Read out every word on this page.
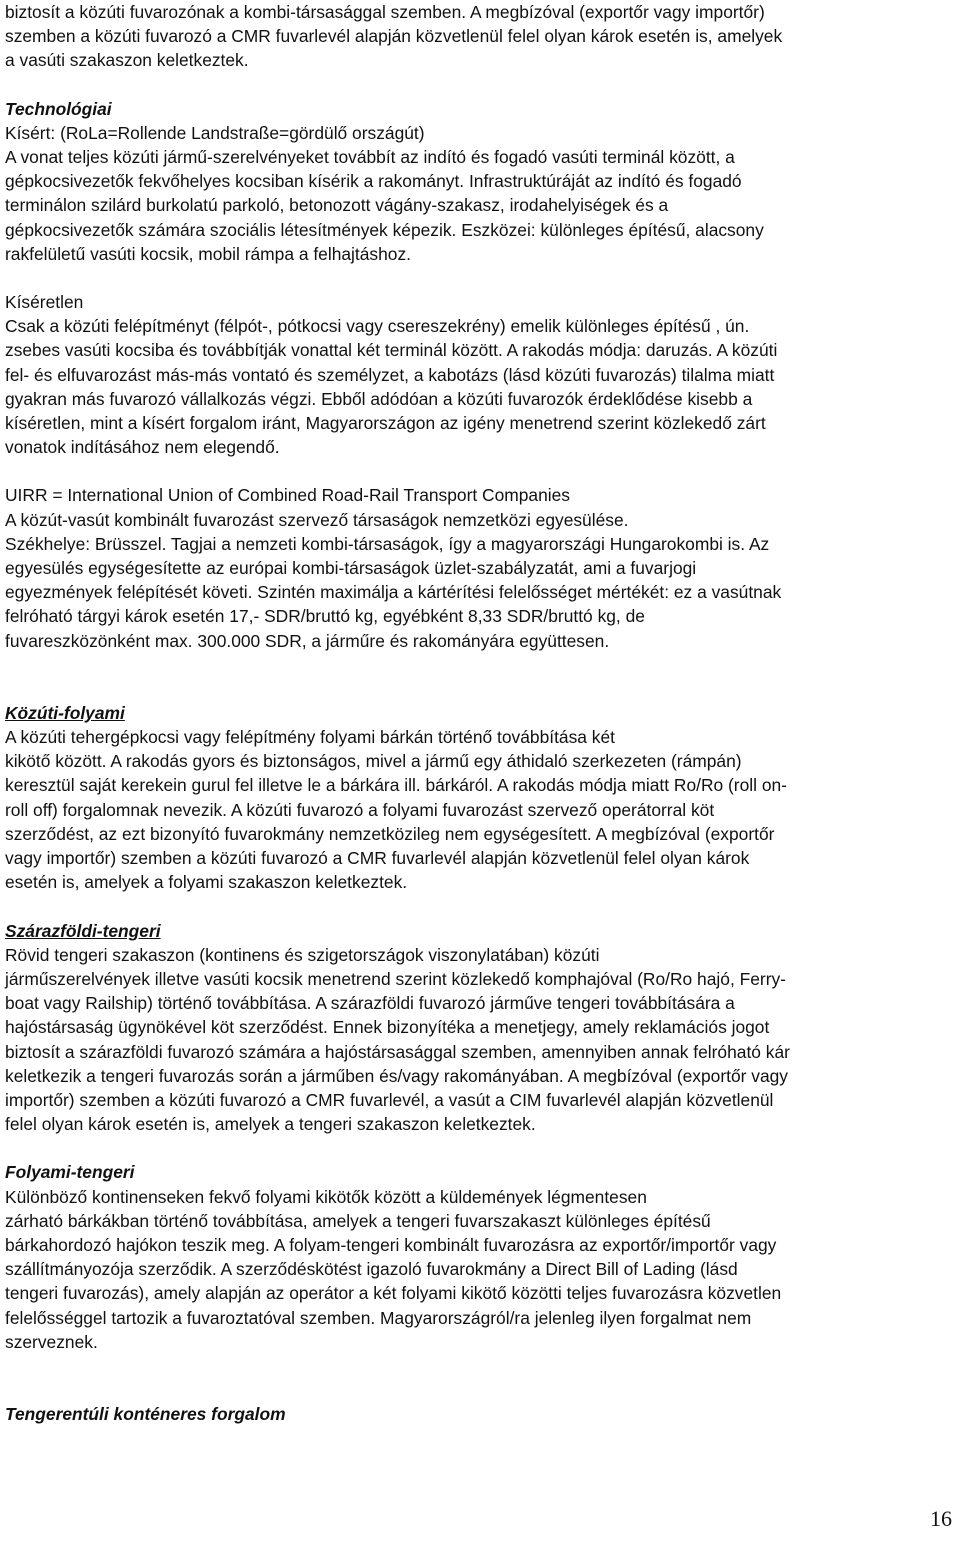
biztosít a közúti fuvarozónak a kombi-társasággal szemben. A megbízóval (exportőr vagy importőr)
szemben a közúti fuvarozó a CMR fuvarlevél alapján közvetlenül felel olyan károk esetén is, amelyek
a vasúti szakaszon keletkeztek.
Technológiai
Kísért: (RoLa=Rollende Landstraße=gördülő országút)
A vonat teljes közúti jármű-szerelvényeket továbbít az indító és fogadó vasúti terminál között, a
gépkocsivezetők fekvőhelyes kocsiban kísérik a rakományt. Infrastruktúráját az indító és fogadó
terminálon szilárd burkolatú parkoló, betonozott vágány-szakasz, irodahelyiségek és a
gépkocsivezetők számára szociális létesítmények képezik. Eszközei: különleges építésű, alacsony
rakfelületű vasúti kocsik, mobil rámpa a felhajtáshoz.
Kíséretlen
Csak a közúti felépítményt (félpót-, pótkocsi vagy csereszekrény) emelik különleges építésű , ún.
zsebes vasúti kocsiba és továbbítják vonattal két terminál között. A rakodás módja: daruzás. A közúti
fel- és elfuvarozást más-más vontató és személyzet, a kabotázs (lásd közúti fuvarozás) tilalma miatt
gyakran más fuvarozó vállalkozás végzi. Ebből adódóan a közúti fuvarozók érdeklődése kisebb a
kíséretlen, mint a kísért forgalom iránt, Magyarországon az igény menetrend szerint közlekedő zárt
vonatok indításához nem elegendő.
UIRR = International Union of Combined Road-Rail Transport Companies
A közút-vasút kombinált fuvarozást szervező társaságok nemzetközi egyesülése.
Székhelye: Brüsszel. Tagjai a nemzeti kombi-társaságok, így a magyarországi Hungarokombi is. Az
egyesülés egységesítette az európai kombi-társaságok üzlet-szabályzatát, ami a fuvarjogi
egyezmények felépítését követi. Szintén maximálja a kártérítési felelősséget mértékét: ez a vasútnak
felróható tárgyi károk esetén 17,- SDR/bruttó kg, egyébként 8,33 SDR/bruttó kg, de
fuvareszközönként max. 300.000 SDR, a járműre és rakományára együttesen.
Közúti-folyami
A közúti tehergépkocsi vagy felépítmény folyami bárkán történő továbbítása két
kikötő között. A rakodás gyors és biztonságos, mivel a jármű egy áthidaló szerkezeten (rámpán)
keresztül saját kerekein gurul fel illetve le a bárkára ill. bárkáról. A rakodás módja miatt Ro/Ro (roll on-
roll off) forgalomnak nevezik. A közúti fuvarozó a folyami fuvarozást szervező operátorral köt
szerződést, az ezt bizonyító fuvarokmány nemzetközileg nem egységesített. A megbízóval (exportőr
vagy importőr) szemben a közúti fuvarozó a CMR fuvarlevél alapján közvetlenül felel olyan károk
esetén is, amelyek a folyami szakaszon keletkeztek.
Szárazföldi-tengeri
Rövid tengeri szakaszon (kontinens és szigetországok viszonylatában) közúti
járműszerelvények illetve vasúti kocsik menetrend szerint közlekedő komphajóval (Ro/Ro hajó, Ferry-
boat vagy Railship) történő továbbítása. A szárazföldi fuvarozó járműve tengeri továbbítására a
hajóstársaság ügynökével köt szerződést. Ennek bizonyítéka a menetjegy, amely reklamációs jogot
biztosít a szárazföldi fuvarozó számára a hajóstársasággal szemben, amennyiben annak felróható kár
keletkezik a tengeri fuvarozás során a járműben és/vagy rakományában. A megbízóval (exportőr vagy
importőr) szemben a közúti fuvarozó a CMR fuvarlevél, a vasút a CIM fuvarlevél alapján közvetlenül
felel olyan károk esetén is, amelyek a tengeri szakaszon keletkeztek.
Folyami-tengeri
Különböző kontinenseken fekvő folyami kikötők között a küldemények légmentesen
zárható bárkákban történő továbbítása, amelyek a tengeri fuvarszakaszt különleges építésű
bárkahordozó hajókon teszik meg. A folyam-tengeri kombinált fuvarozásra az exportőr/importőr vagy
szállítmányozója szerződik. A szerződéskötést igazoló fuvarokmány a Direct Bill of Lading (lásd
tengeri fuvarozás), amely alapján az operátor a két folyami kikötő közötti teljes fuvarozásra közvetlen
felelősséggel tartozik a fuvaroztatóval szemben. Magyarországról/ra jelenleg ilyen forgalmat nem
szerveznek.
Tengerentúli konténeres forgalom
16
